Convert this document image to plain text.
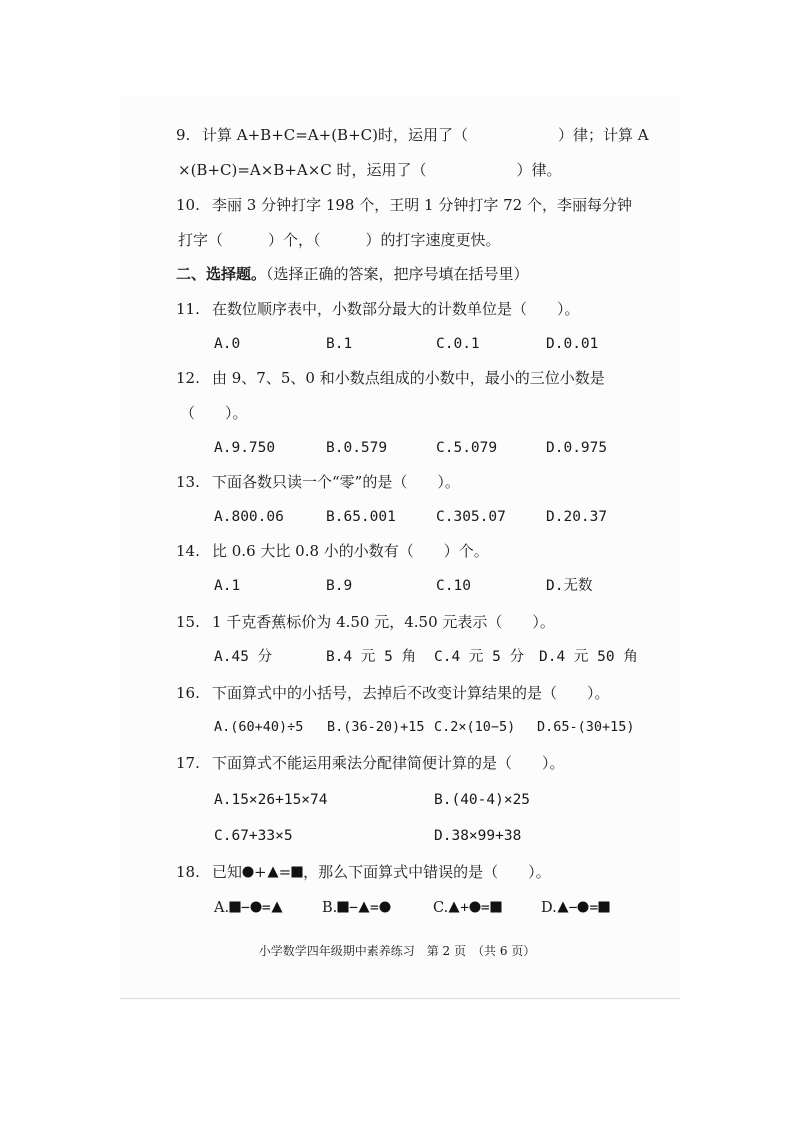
9. 计算 A+B+C=A+(B+C)时，运用了（　　　　　　）律；计算 A
×(B+C)=A×B+A×C 时，运用了（　　　　　　）律。
10. 李丽 3 分钟打字 198 个，王明 1 分钟打字 72 个，李丽每分钟
打字（　　　）个，（　　　）的打字速度更快。
二、选择题。（选择正确的答案，把序号填在括号里）
11. 在数位顺序表中，小数部分最大的计数单位是（　　）。
A.0	B.1	C.0.1	D.0.01
12. 由 9、7、5、0 和小数点组成的小数中，最小的三位小数是
（　　）。
A.9.750	B.0.579	C.5.079	D.0.975
13. 下面各数只读一个“零”的是（　　）。
A.800.06	B.65.001	C.305.07	D.20.37
14. 比 0.6 大比 0.8 小的小数有（　　）个。
A.1	B.9	C.10	D.无数
15. 1 千克香蕉标价为 4.50 元，4.50 元表示（　　）。
A.45 分	B.4 元 5 角 C.4 元 5 分 D.4 元 50 角
16. 下面算式中的小括号，去掉后不改变计算结果的是（　　）。
A.(60+40)÷5 B.(36-20)+15 C.2×(10−5) D.65-(30+15)
17. 下面算式不能运用乘法分配律简便计算的是（　　）。
A.15×26+15×74	B.(40-4)×25
C.67+33×5	D.38×99+38
18. 已知 + = ，那么下面算式中错误的是（　　）。
A. − =	B. − =	C. + =	D. − =
小学数学四年级期中素养练习　第 2 页　（共 6 页）
